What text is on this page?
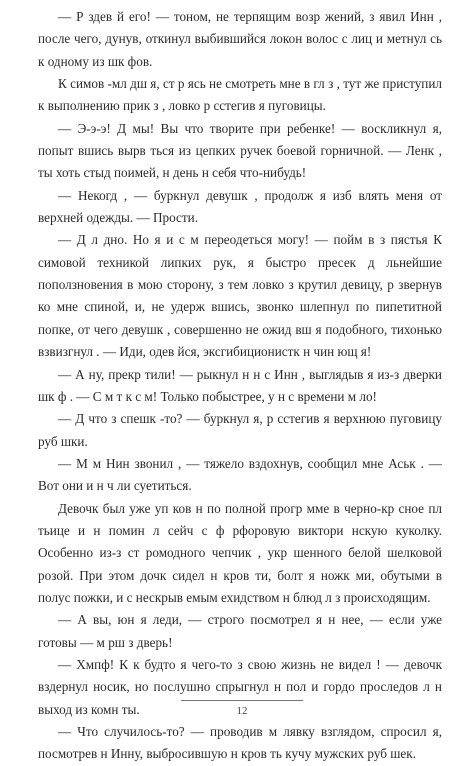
— Р здев й его! — тоном, не терпящим возр жений, з явил Инн , после чего, дунув, откинул выбившийся локон волос с лиц и метнул сь к одному из шк фов.

К симов -мл дш я, ст р ясь не смотреть мне в гл з , тут же приступил к выполнению прик з , ловко р сстегив я пуговицы.

— Э-э-э! Д мы! Вы что творите при ребенке! — воскликнул я, попыт вшись выpв ться из цепких ручек боевой горничной. — Ленк , ты хоть стыд поимей, н день н себя что-нибудь!

— Некогд , — буркнул девушк , продолж я изб влять меня от верхней одежды. — Прости.

— Д л дно. Но я и с м переодеться могу! — пойм в з пястья К симовой техникой липких рук, я быстро пресек д льнейшие поползновения в мою сторону, з тем ловко з крутил девицу, р звернув ко мне спиной, и, не удерж вшись, звонко шлепнул по пипетитной попке, от чего девушк , совершенно не ожид вш я подобного, тихонько взвизгнул . — Иди, одев йся, эксгибиционистк н чин ющ я!

— А ну, прекр тили! — рыкнул н н с Инн , выглядыв я из-з дверки шк ф . — С м т к с м! Только побыстрее, у н с времени м ло!

— Д что з спешк -то? — буркнул я, р сстегив я верхнюю пуговицу руб шки.

— М м Нин звонил , — тяжело вздохнув, сообщил мне Аськ . — Вот они и н ч ли суетиться.

Девочк был уже уп ков н по полной прогр мме в черно-кр сное пл тьице и н помин л сейч с ф рфоровую виктори нскую куколку. Особенно из-з ст ромодного чепчик , укр шенного белой шелковой розой. При этом дочк сидел н кров ти, болт я ножк ми, обутыми в полус пожки, и с нескрыв емым ехидством н блюд л з происходящим.

— А вы, юн я леди, — строго посмотрел я н нее, — если уже готовы — м рш з дверь!

— Хмпф! К к будто я чего-то з свою жизнь не видел ! — девочк вздернул носик, но послушно спрыгнул н пол и гордо проследов л н выход из комн ты.

— Что случилось-то? — проводив м лявку взглядом, спросил я, посмотрев н Инну, выбросившую н кров ть кучу мужских руб шек.

12
